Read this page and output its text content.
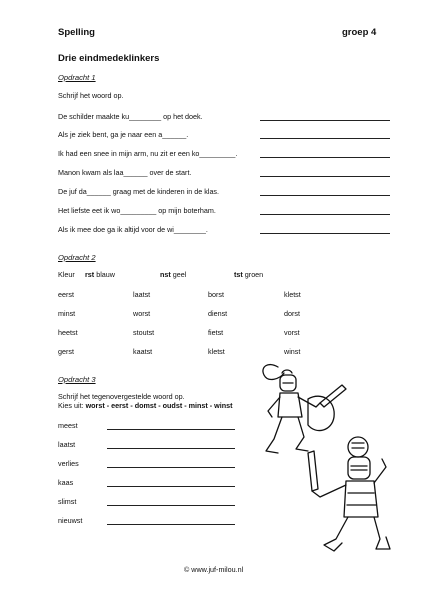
Spelling	groep 4
Drie eindmedeklinkers
Opdracht 1
Schrijf het woord op.
De schilder maakte ku________ op het doek.
Als je ziek bent, ga je naar een a______.
Ik had een snee in mijn arm, nu zit er een ko_________.
Manon kwam als laa______ over de start.
De juf da______ graag met de kinderen in de klas.
Het liefste eet ik wo_________ op mijn boterham.
Als ik mee doe ga ik altijd voor de wi________.
Opdracht 2
Kleur rst blauw	nst geel	tst groen
eerst	laatst	borst	kletst
minst	worst	dienst	dorst
heetst	stoutst	fietst	vorst
gerst	kaatst	kletst	winst
Opdracht 3
Schrijf het tegenovergestelde woord op.
Kies uit: worst - eerst - domst - oudst - minst - winst
meest
laatst
verlies
kaas
slimst
nieuwst
© www.juf-milou.nl
